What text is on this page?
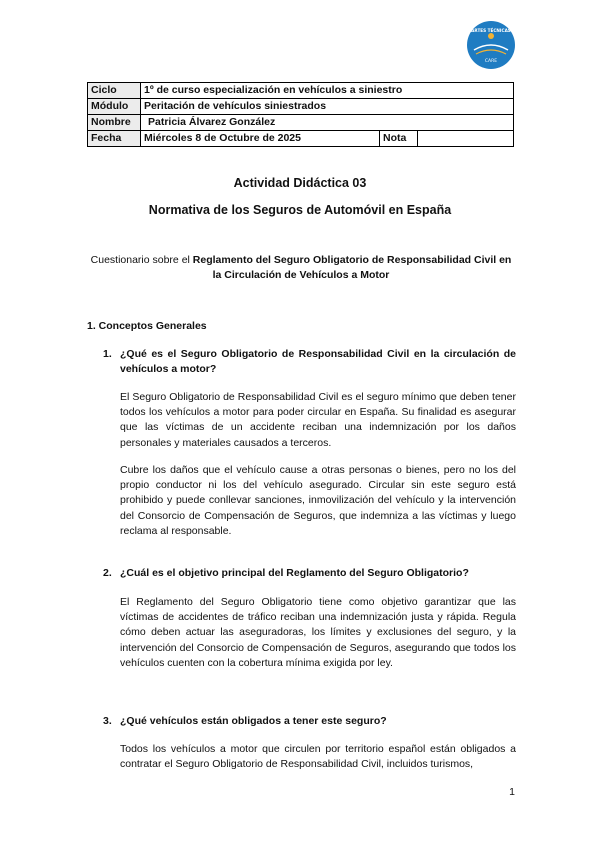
ARTES TÉCNICAS
CARE
Ciclo	1º de curso especialización en vehículos a siniestro		
Módulo	Peritación de vehículos siniestrados		
Nombre	Patricia Álvarez González		
Fecha	Miércoles 8 de Octubre de 2025	Nota	
Actividad Didáctica 03
Normativa de los Seguros de Automóvil en España
Cuestionario sobre el Reglamento del Seguro Obligatorio de Responsabilidad Civil en la Circulación de Vehículos a Motor
1. Conceptos Generales
1. ¿Qué es el Seguro Obligatorio de Responsabilidad Civil en la circulación de vehículos a motor?
El Seguro Obligatorio de Responsabilidad Civil es el seguro mínimo que deben tener todos los vehículos a motor para poder circular en España. Su finalidad es asegurar que las víctimas de un accidente reciban una indemnización por los daños personales y materiales causados a terceros.
Cubre los daños que el vehículo cause a otras personas o bienes, pero no los del propio conductor ni los del vehículo asegurado. Circular sin este seguro está prohibido y puede conllevar sanciones, inmovilización del vehículo y la intervención del Consorcio de Compensación de Seguros, que indemniza a las víctimas y luego reclama al responsable.
2. ¿Cuál es el objetivo principal del Reglamento del Seguro Obligatorio?
El Reglamento del Seguro Obligatorio tiene como objetivo garantizar que las víctimas de accidentes de tráfico reciban una indemnización justa y rápida. Regula cómo deben actuar las aseguradoras, los límites y exclusiones del seguro, y la intervención del Consorcio de Compensación de Seguros, asegurando que todos los vehículos cuenten con la cobertura mínima exigida por ley.
3. ¿Qué vehículos están obligados a tener este seguro?
Todos los vehículos a motor que circulen por territorio español están obligados a contratar el Seguro Obligatorio de Responsabilidad Civil, incluidos turismos,
1
